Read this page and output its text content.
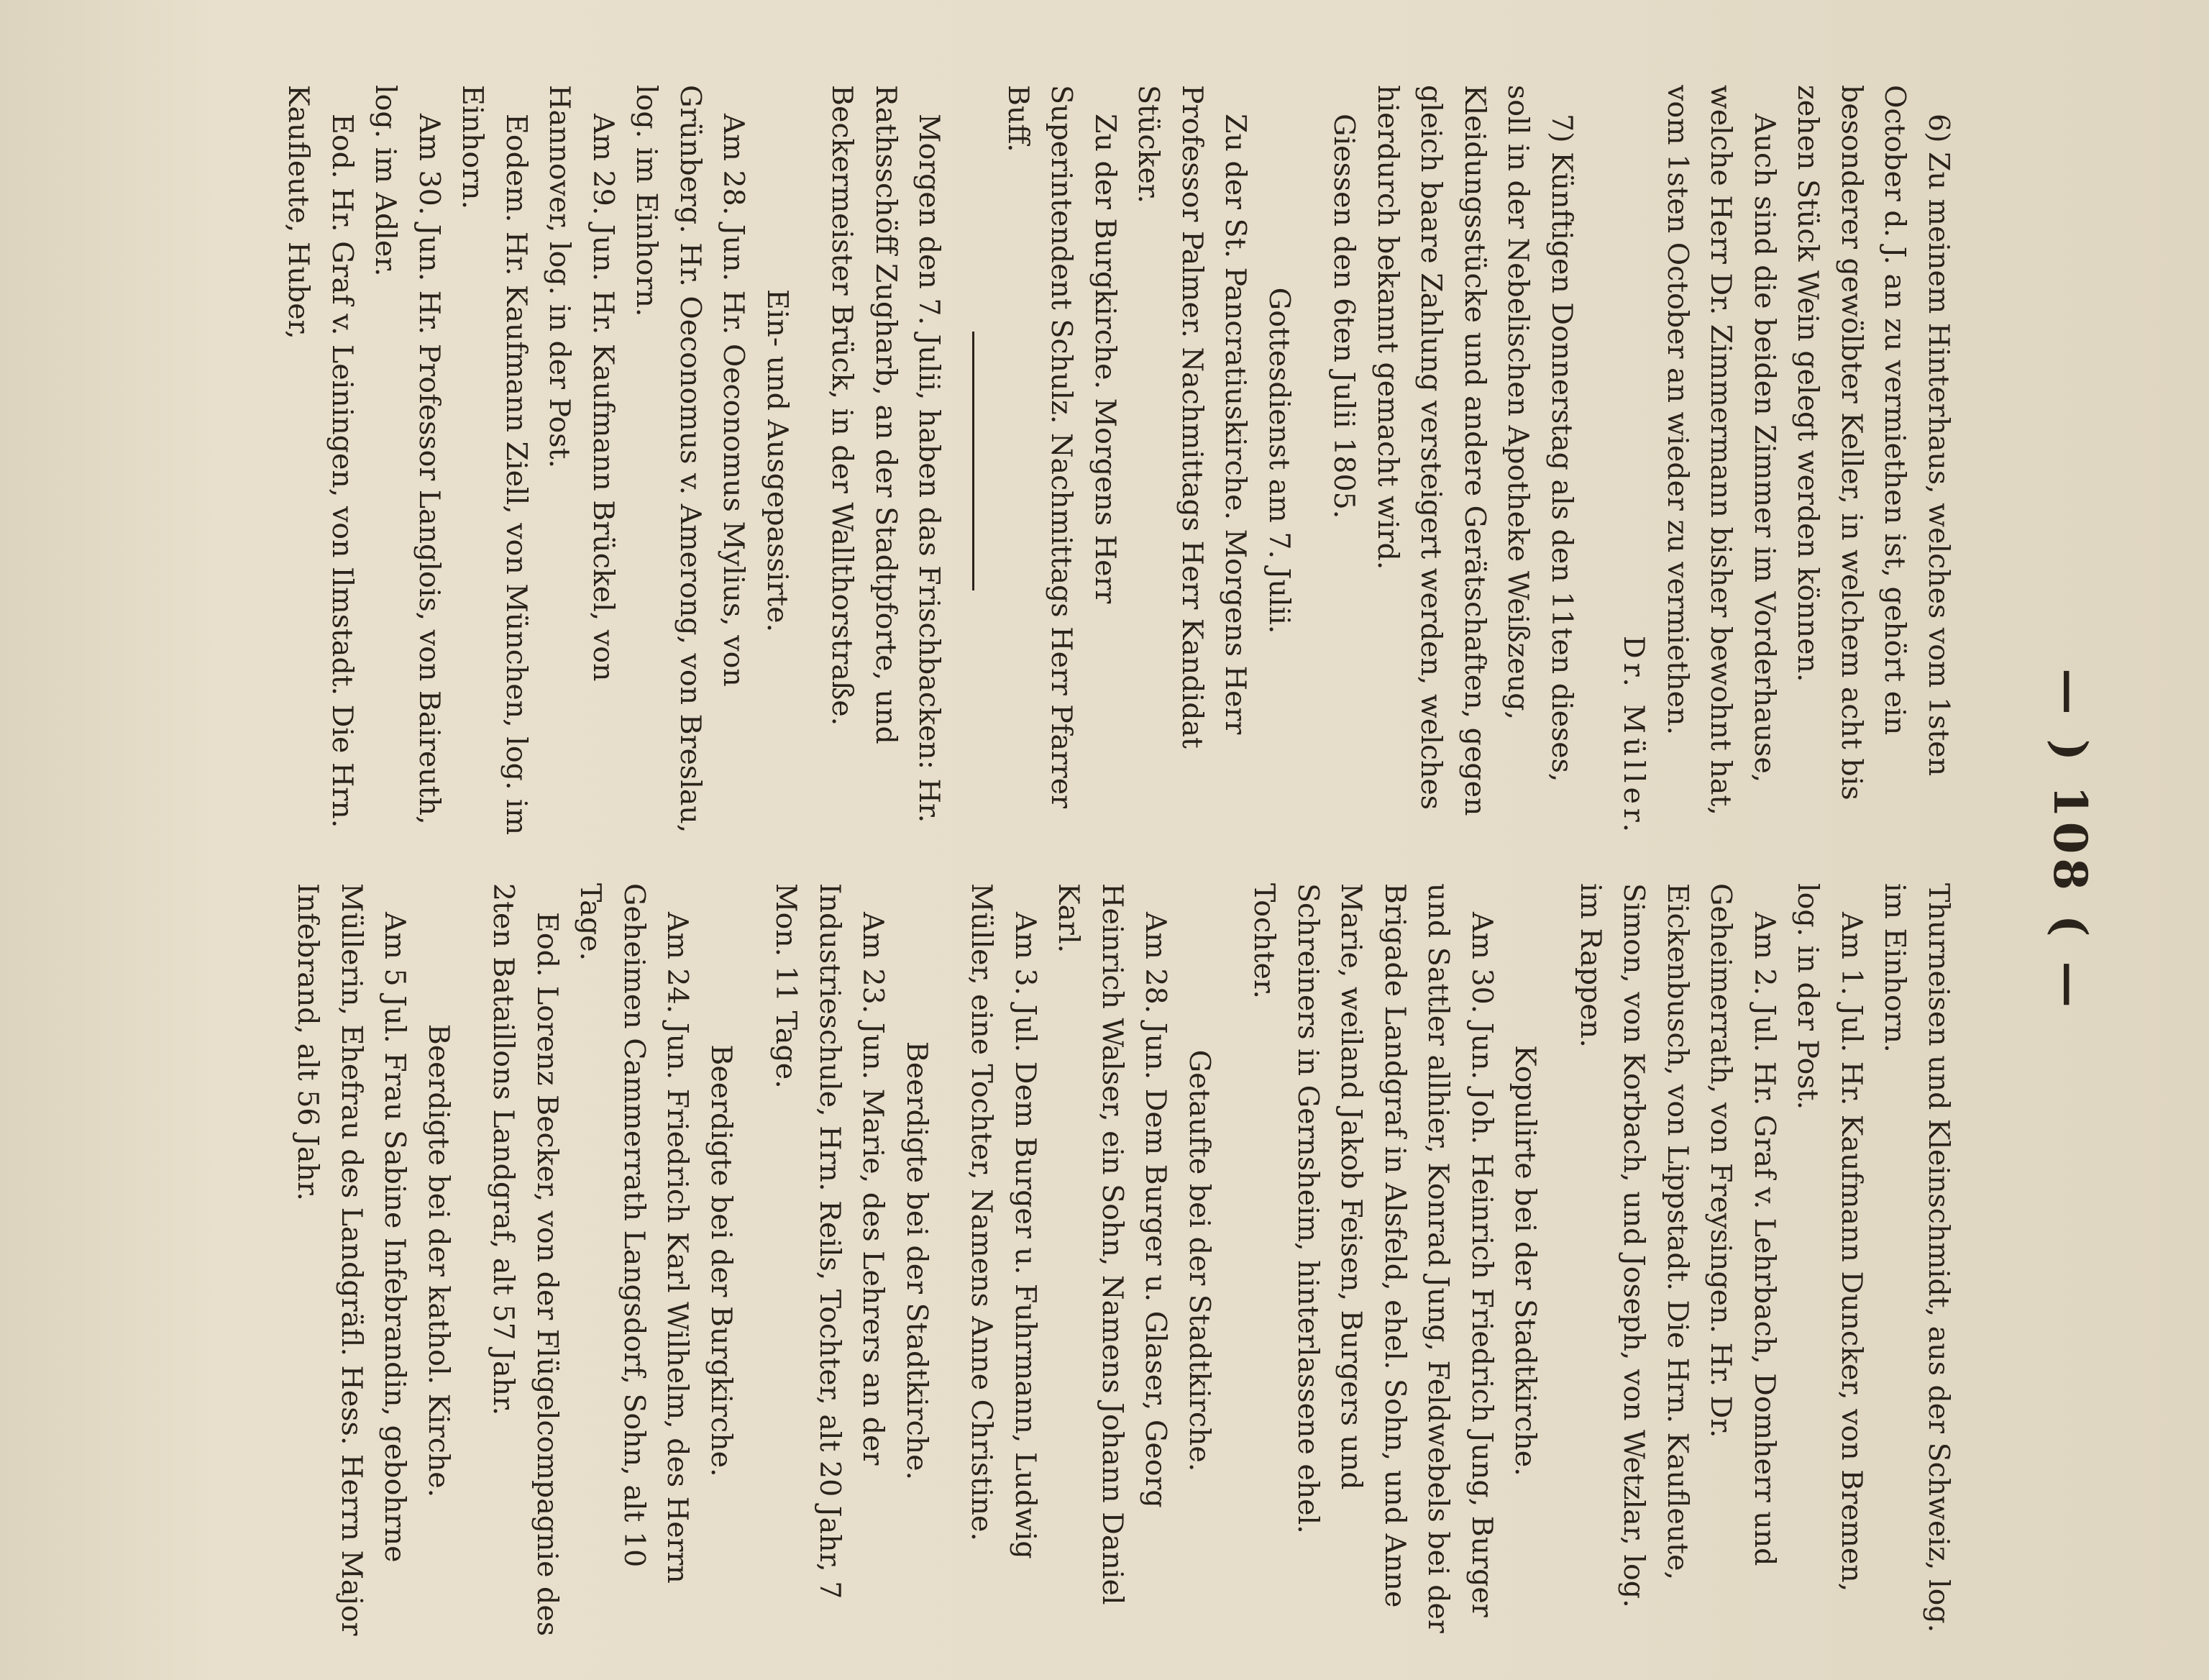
— ) 108 ( —

6) Zu meinem Hinterhaus, welches vom 1sten October d. J. an zu vermiethen ist, gehört ein besonderer gewölbter Keller, in welchem acht bis zehen Stück Wein gelegt werden können.

Auch sind die beiden Zimmer im Vorderhause, welche Herr Dr. Zimmermann bisher bewohnt hat, vom 1sten October an wieder zu vermiethen.

Dr. Müller.

7) Künftigen Donnerstag als den 11ten dieses, soll in der Nebelischen Apotheke Weißzeug, Kleidungsstücke und andere Gerätschaften, gegen gleich baare Zahlung versteigert werden, welches hierdurch bekannt gemacht wird.

Giessen den 6ten Julii 1805.

Gottesdienst am 7. Julii.

Zu der St. Pancratiuskirche. Morgens Herr Professor Palmer. Nachmittags Herr Kandidat Stücker.

Zu der Burgkirche. Morgens Herr Superintendent Schulz. Nachmittags Herr Pfarrer Buff.

Morgen den 7. Julii, haben das Frischbacken: Hr. Rathsschöff Zugharb, an der Stadtpforte, und Beckermeister Brück, in der Wallthorstraße.

Ein- und Ausgepassirte.

Am 28. Jun. Hr. Oeconomus Mylius, von Grünberg. Hr. Oeconomus v. Amerong, von Breslau, log. im Einhorn.

Am 29. Jun. Hr. Kaufmann Brückel, von Hannover, log. in der Post.

Eodem. Hr. Kaufmann Ziell, von München, log. im Einhorn.

Am 30. Jun. Hr. Professor Langlois, von Baireuth, log. im Adler.

Eod. Hr. Graf v. Leiningen, von Ilmstadt. Die Hrn. Kaufleute, Huber,

Thurneisen und Kleinschmidt, aus der Schweiz, log. im Einhorn.

Am 1. Jul. Hr. Kaufmann Duncker, von Bremen, log. in der Post.

Am 2. Jul. Hr. Graf v. Lehrbach, Domherr und Geheimerrath, von Freysingen. Hr. Dr. Eickenbusch, von Lippstadt. Die Hrn. Kaufleute, Simon, von Korbach, und Joseph, von Wetzlar, log. im Rappen.

Kopulirte bei der Stadtkirche.

Am 30. Jun. Joh. Heinrich Friedrich Jung, Burger und Sattler allhier, Konrad Jung, Feldwebels bei der Brigade Landgraf in Alsfeld, ehel. Sohn, und Anne Marie, weiland Jakob Feisen, Burgers und Schreiners in Gernsheim, hinterlassene ehel. Tochter.

Getaufte bei der Stadtkirche.

Am 28. Jun. Dem Burger u. Glaser, Georg Heinrich Walser, ein Sohn, Namens Johann Daniel Karl.

Am 3. Jul. Dem Burger u. Fuhrmann, Ludwig Müller, eine Tochter, Namens Anne Christine.

Beerdigte bei der Stadtkirche.

Am 23. Jun. Marie, des Lehrers an der Industrieschule, Hrn. Reils, Tochter, alt 20 Jahr, 7 Mon. 11 Tage.

Beerdigte bei der Burgkirche.

Am 24. Jun. Friedrich Karl Wilhelm, des Herrn Geheimen Cammerrath Langsdorf, Sohn, alt 10 Tage.

Eod. Lorenz Becker, von der Flügelcompagnie des 2ten Bataillons Landgraf, alt 57 Jahr.

Beerdigte bei der kathol. Kirche.

Am 5 Jul. Frau Sabine Infebrandin, gebohrne Müllerin, Ehefrau des Landgräfl. Hess. Herrn Major Infebrand, alt 56 Jahr.
